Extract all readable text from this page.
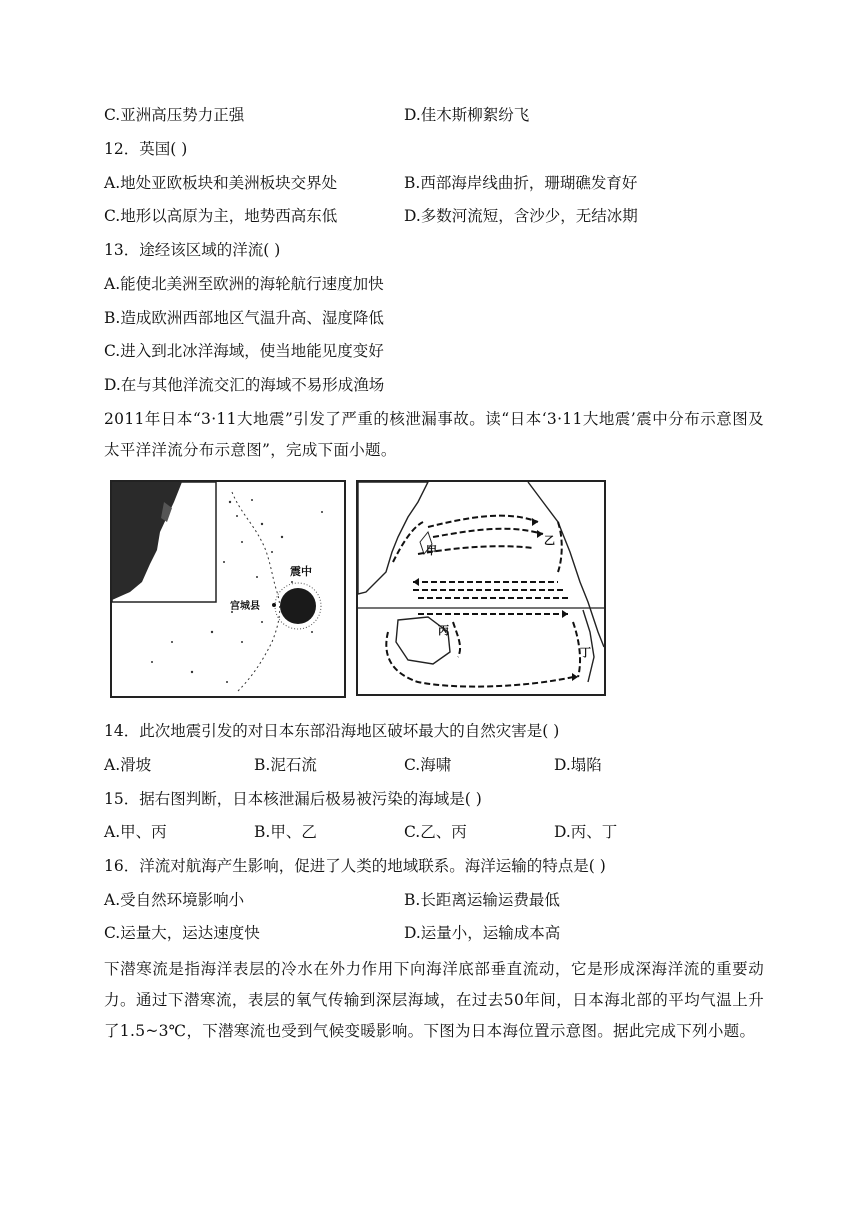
C.亚洲高压势力正强	D.佳木斯柳絮纷飞
12．英国( )
A.地处亚欧板块和美洲板块交界处	B.西部海岸线曲折，珊瑚礁发育好
C.地形以高原为主，地势西高东低	D.多数河流短，含沙少，无结冰期
13．途经该区域的洋流( )
A.能使北美洲至欧洲的海轮航行速度加快
B.造成欧洲西部地区气温升高、湿度降低
C.进入到北冰洋海域，使当地能见度变好
D.在与其他洋流交汇的海域不易形成渔场
2011年日本“3·11大地震”引发了严重的核泄漏事故。读“日本‘3·11大地震’震中分布示意图及太平洋洋流分布示意图”，完成下面小题。
震中
宫城县
甲
乙
丙
丁
14．此次地震引发的对日本东部沿海地区破坏最大的自然灾害是( )
A.滑坡	B.泥石流	C.海啸	D.塌陷
15．据右图判断，日本核泄漏后极易被污染的海域是( )
A.甲、丙	B.甲、乙	C.乙、丙	D.丙、丁
16．洋流对航海产生影响，促进了人类的地域联系。海洋运输的特点是( )
A.受自然环境影响小	B.长距离运输运费最低
C.运量大，运达速度快	D.运量小，运输成本高
下潜寒流是指海洋表层的冷水在外力作用下向海洋底部垂直流动，它是形成深海洋流的重要动力。通过下潜寒流，表层的氧气传输到深层海域，在过去50年间，日本海北部的平均气温上升了1.5~3℃，下潜寒流也受到气候变暖影响。下图为日本海位置示意图。据此完成下列小题。
